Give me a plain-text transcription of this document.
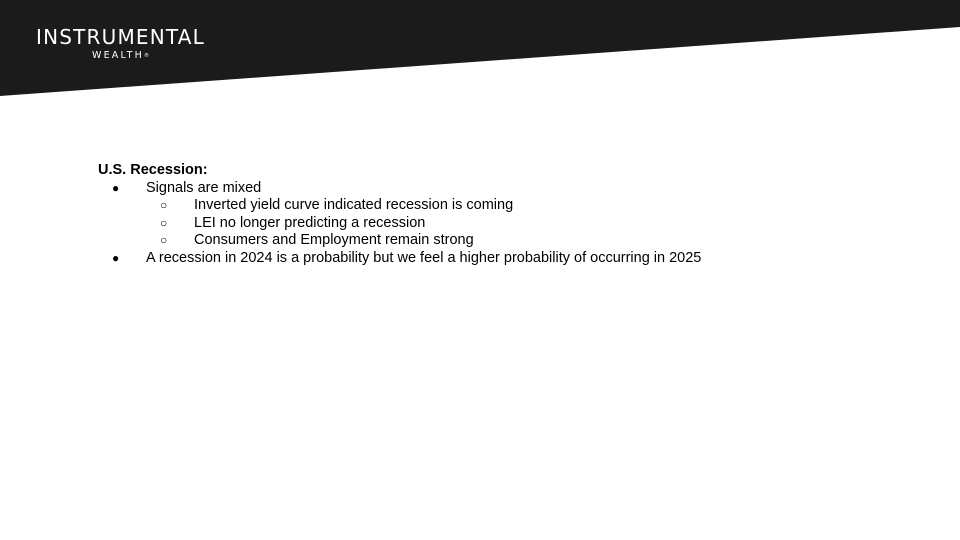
INSTRUMENTAL
WEALTH®

U.S. Recession:

● Signals are mixed
○ Inverted yield curve indicated recession is coming
○ LEI no longer predicting a recession
○ Consumers and Employment remain strong
● A recession in 2024 is a probability but we feel a higher probability of occurring in 2025
